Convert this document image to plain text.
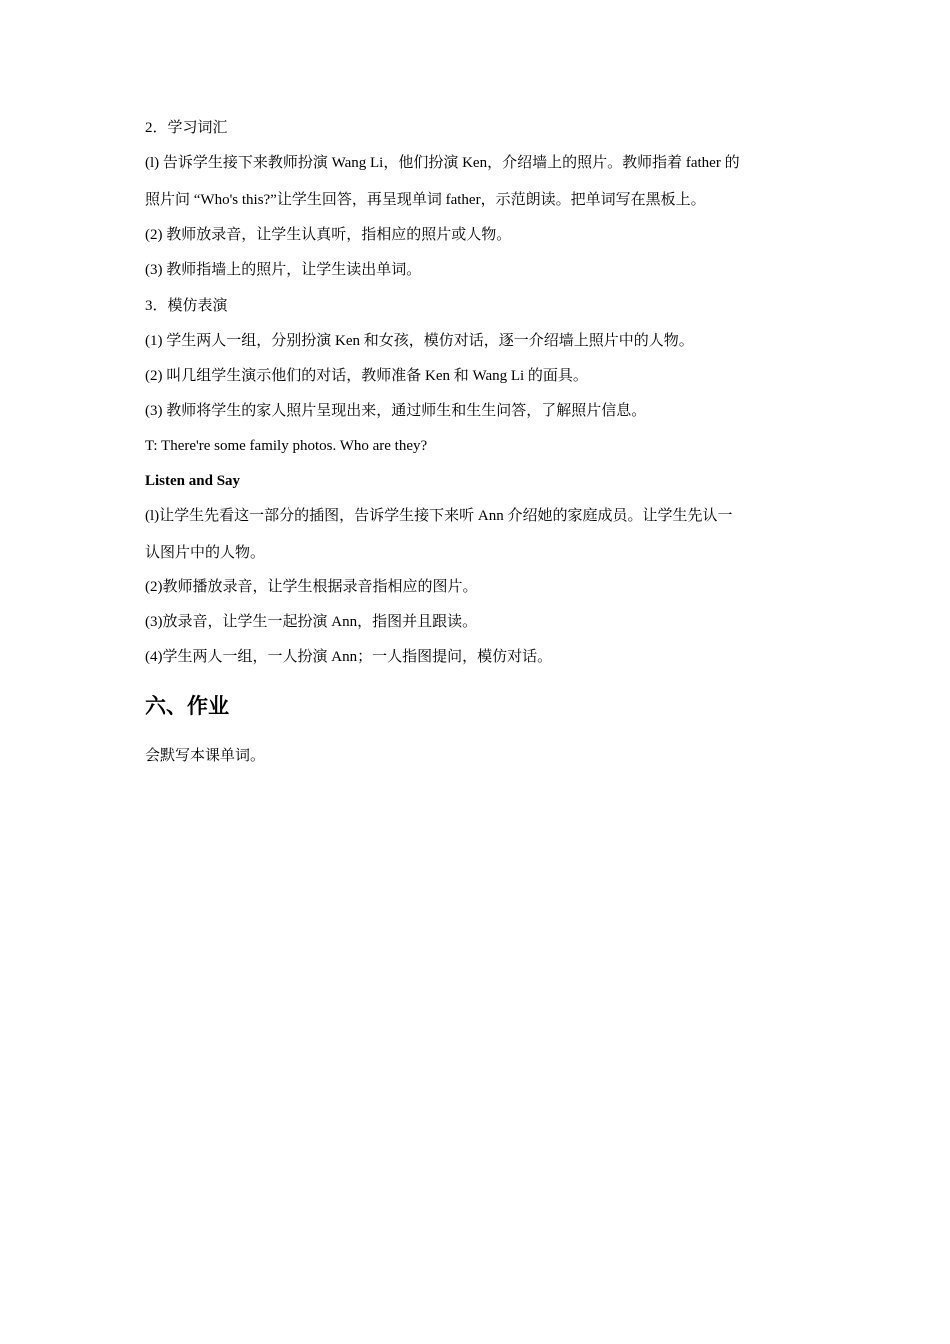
2．学习词汇
(l) 告诉学生接下来教师扮演 Wang Li，他们扮演 Ken，介绍墙上的照片。教师指着 father 的
照片问 “Who's this?”让学生回答，再呈现单词 father，示范朗读。把单词写在黑板上。
(2) 教师放录音，让学生认真听，指相应的照片或人物。
(3) 教师指墙上的照片，让学生读出单词。
3．模仿表演
(1) 学生两人一组，分别扮演 Ken 和女孩，模仿对话，逐一介绍墙上照片中的人物。
(2) 叫几组学生演示他们的对话，教师准备 Ken 和 Wang Li 的面具。
(3) 教师将学生的家人照片呈现出来，通过师生和生生问答，了解照片信息。
T: There're some family photos. Who are they?
Listen and Say
(l)让学生先看这一部分的插图，告诉学生接下来听 Ann 介绍她的家庭成员。让学生先认一
认图片中的人物。
(2)教师播放录音，让学生根据录音指相应的图片。
(3)放录音，让学生一起扮演 Ann，指图并且跟读。
(4)学生两人一组，一人扮演 Ann；一人指图提问，模仿对话。
六、作业
会默写本课单词。
